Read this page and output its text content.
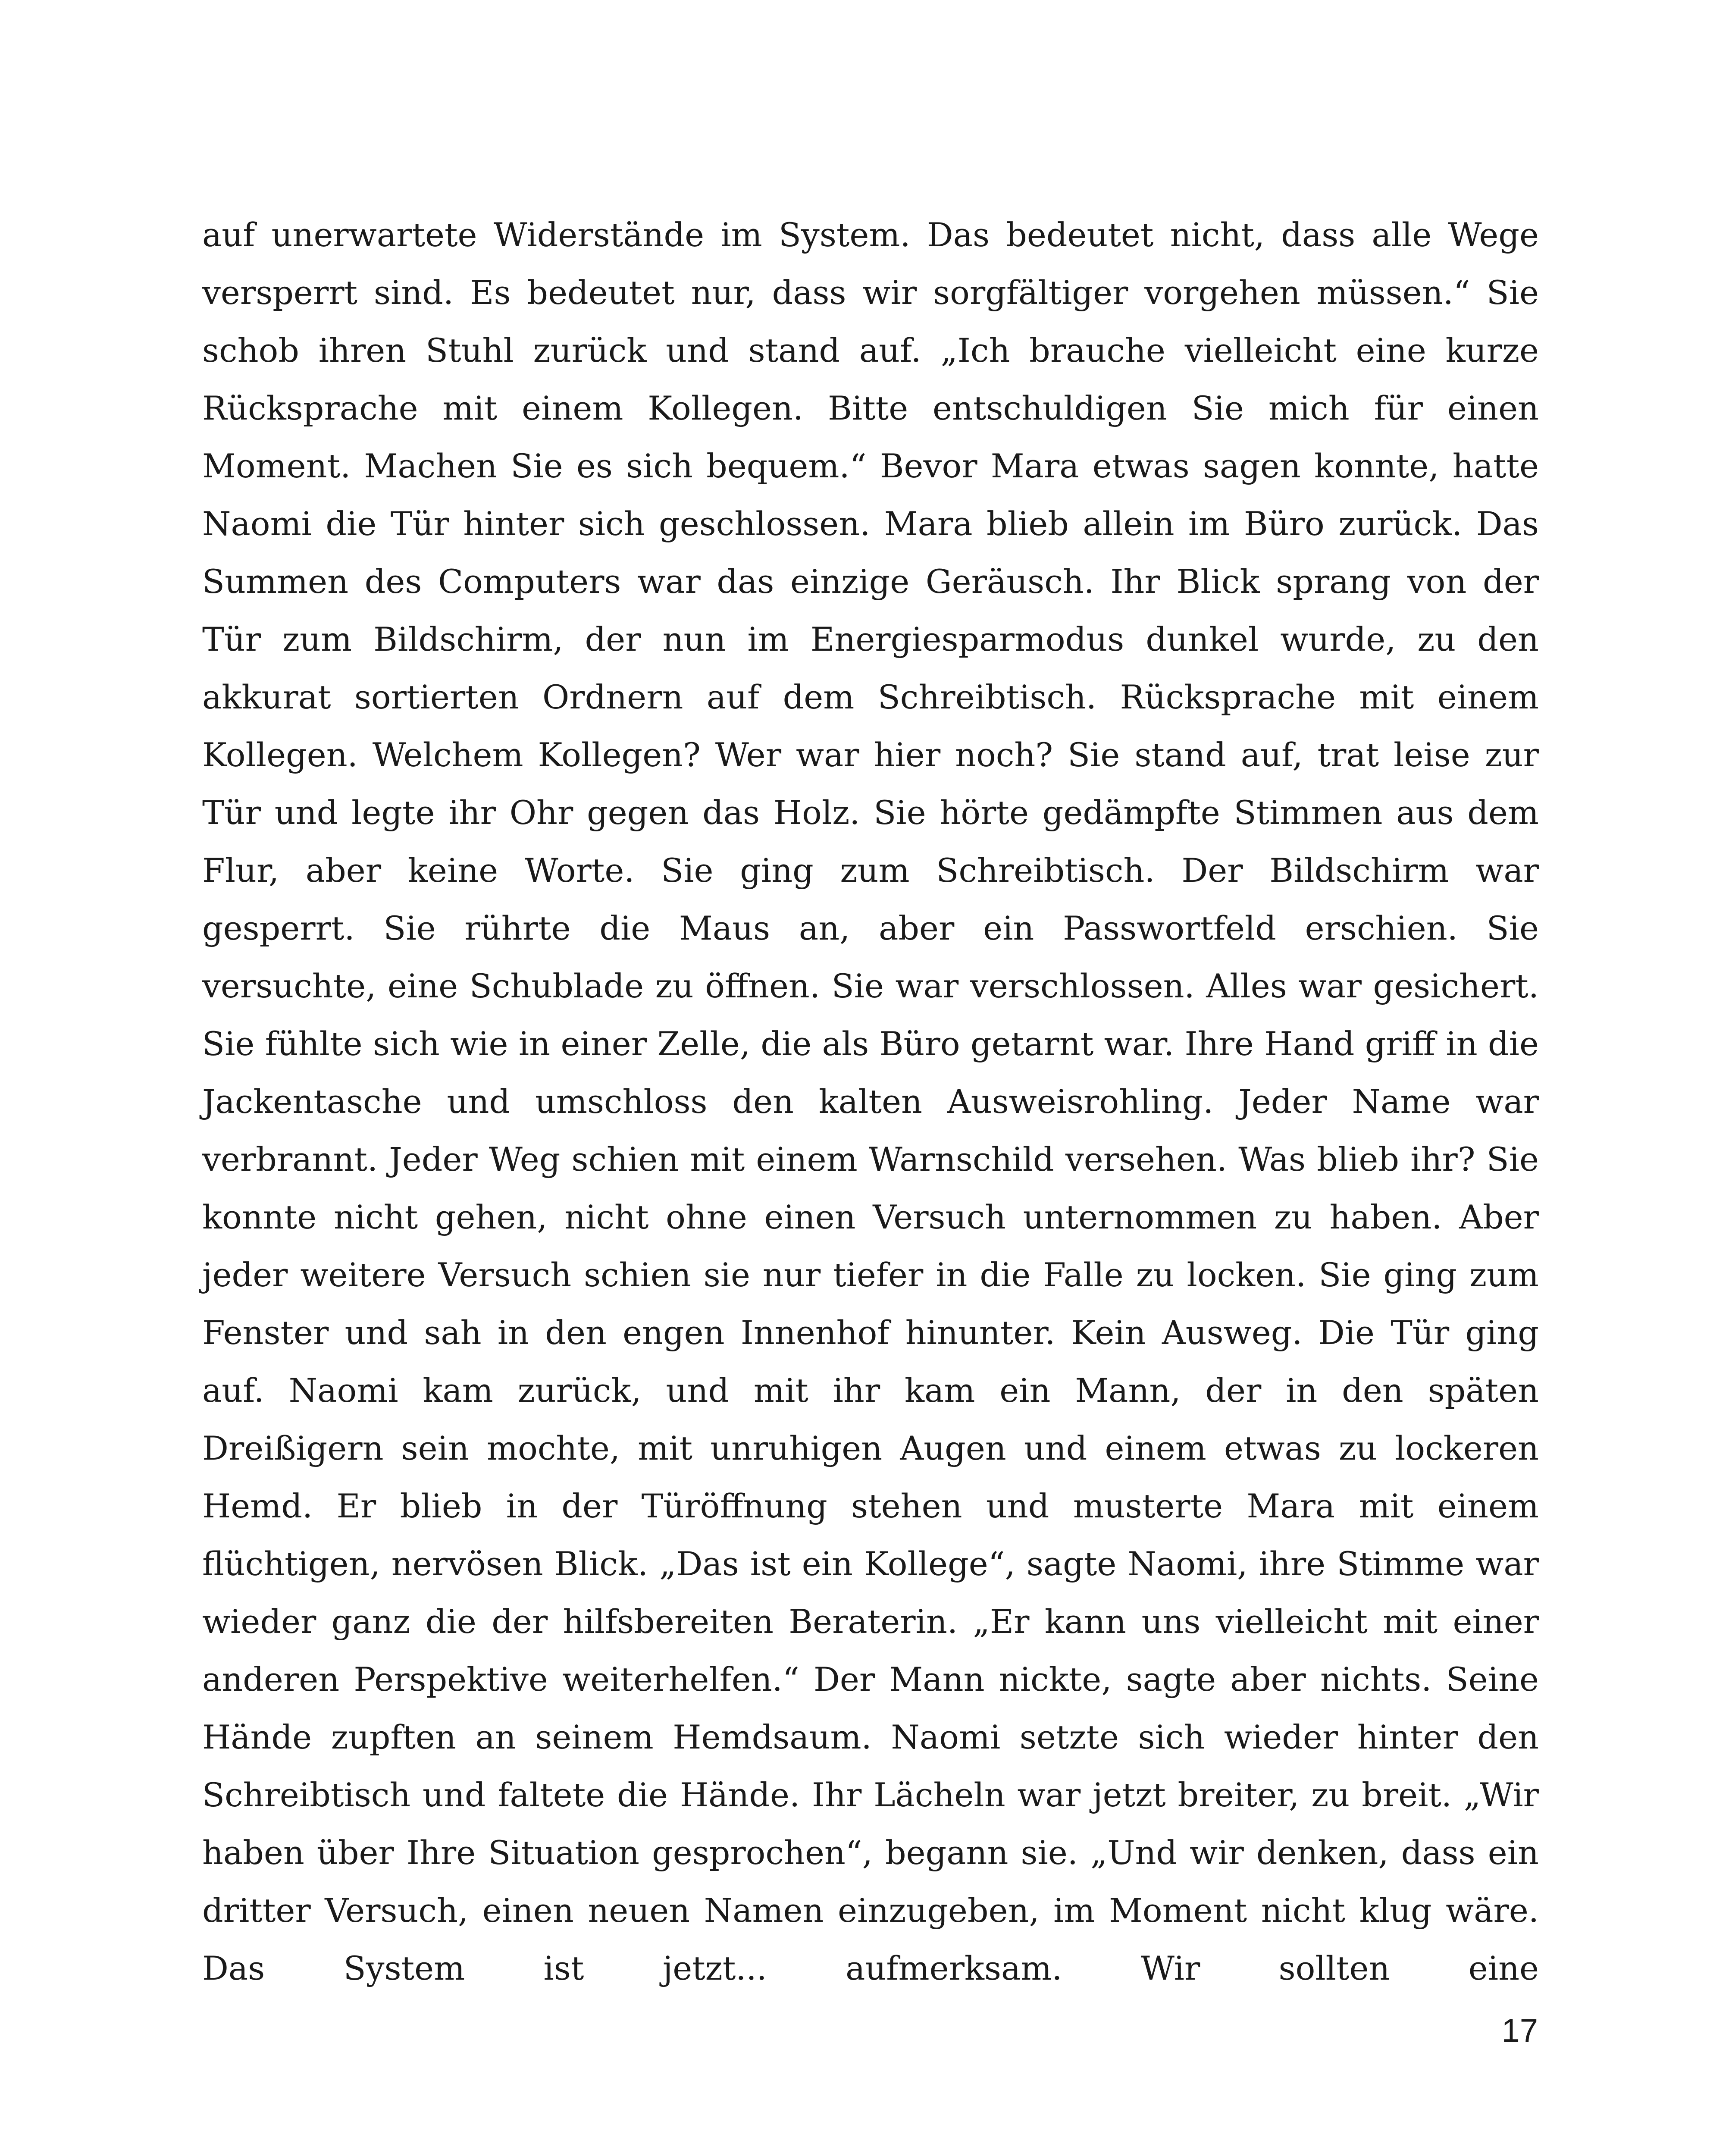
auf unerwartete Widerstände im System. Das bedeutet nicht, dass alle Wege versperrt sind. Es bedeutet nur, dass wir sorgfältiger vorgehen müssen.“ Sie schob ihren Stuhl zurück und stand auf. „Ich brauche vielleicht eine kurze Rücksprache mit einem Kollegen. Bitte entschuldigen Sie mich für einen Moment. Machen Sie es sich bequem.“ Bevor Mara etwas sagen konnte, hatte Naomi die Tür hinter sich geschlossen. Mara blieb allein im Büro zurück. Das Summen des Computers war das einzige Geräusch. Ihr Blick sprang von der Tür zum Bildschirm, der nun im Energiesparmodus dunkel wurde, zu den akkurat sortierten Ordnern auf dem Schreibtisch. Rücksprache mit einem Kollegen. Welchem Kollegen? Wer war hier noch? Sie stand auf, trat leise zur Tür und legte ihr Ohr gegen das Holz. Sie hörte gedämpfte Stimmen aus dem Flur, aber keine Worte. Sie ging zum Schreibtisch. Der Bildschirm war gesperrt. Sie rührte die Maus an, aber ein Passwortfeld erschien. Sie versuchte, eine Schublade zu öffnen. Sie war verschlossen. Alles war gesichert. Sie fühlte sich wie in einer Zelle, die als Büro getarnt war. Ihre Hand griff in die Jackentasche und umschloss den kalten Ausweisrohling. Jeder Name war verbrannt. Jeder Weg schien mit einem Warnschild versehen. Was blieb ihr? Sie konnte nicht gehen, nicht ohne einen Versuch unternommen zu haben. Aber jeder weitere Versuch schien sie nur tiefer in die Falle zu locken. Sie ging zum Fenster und sah in den engen Innenhof hinunter. Kein Ausweg. Die Tür ging auf. Naomi kam zurück, und mit ihr kam ein Mann, der in den späten Dreißigern sein mochte, mit unruhigen Augen und einem etwas zu lockeren Hemd. Er blieb in der Türöffnung stehen und musterte Mara mit einem flüchtigen, nervösen Blick. „Das ist ein Kollege“, sagte Naomi, ihre Stimme war wieder ganz die der hilfsbereiten Beraterin. „Er kann uns vielleicht mit einer anderen Perspektive weiterhelfen.“ Der Mann nickte, sagte aber nichts. Seine Hände zupften an seinem Hemdsaum. Naomi setzte sich wieder hinter den Schreibtisch und faltete die Hände. Ihr Lächeln war jetzt breiter, zu breit. „Wir haben über Ihre Situation gesprochen“, begann sie. „Und wir denken, dass ein dritter Versuch, einen neuen Namen einzugeben, im Moment nicht klug wäre. Das System ist jetzt... aufmerksam. Wir sollten eine

17
